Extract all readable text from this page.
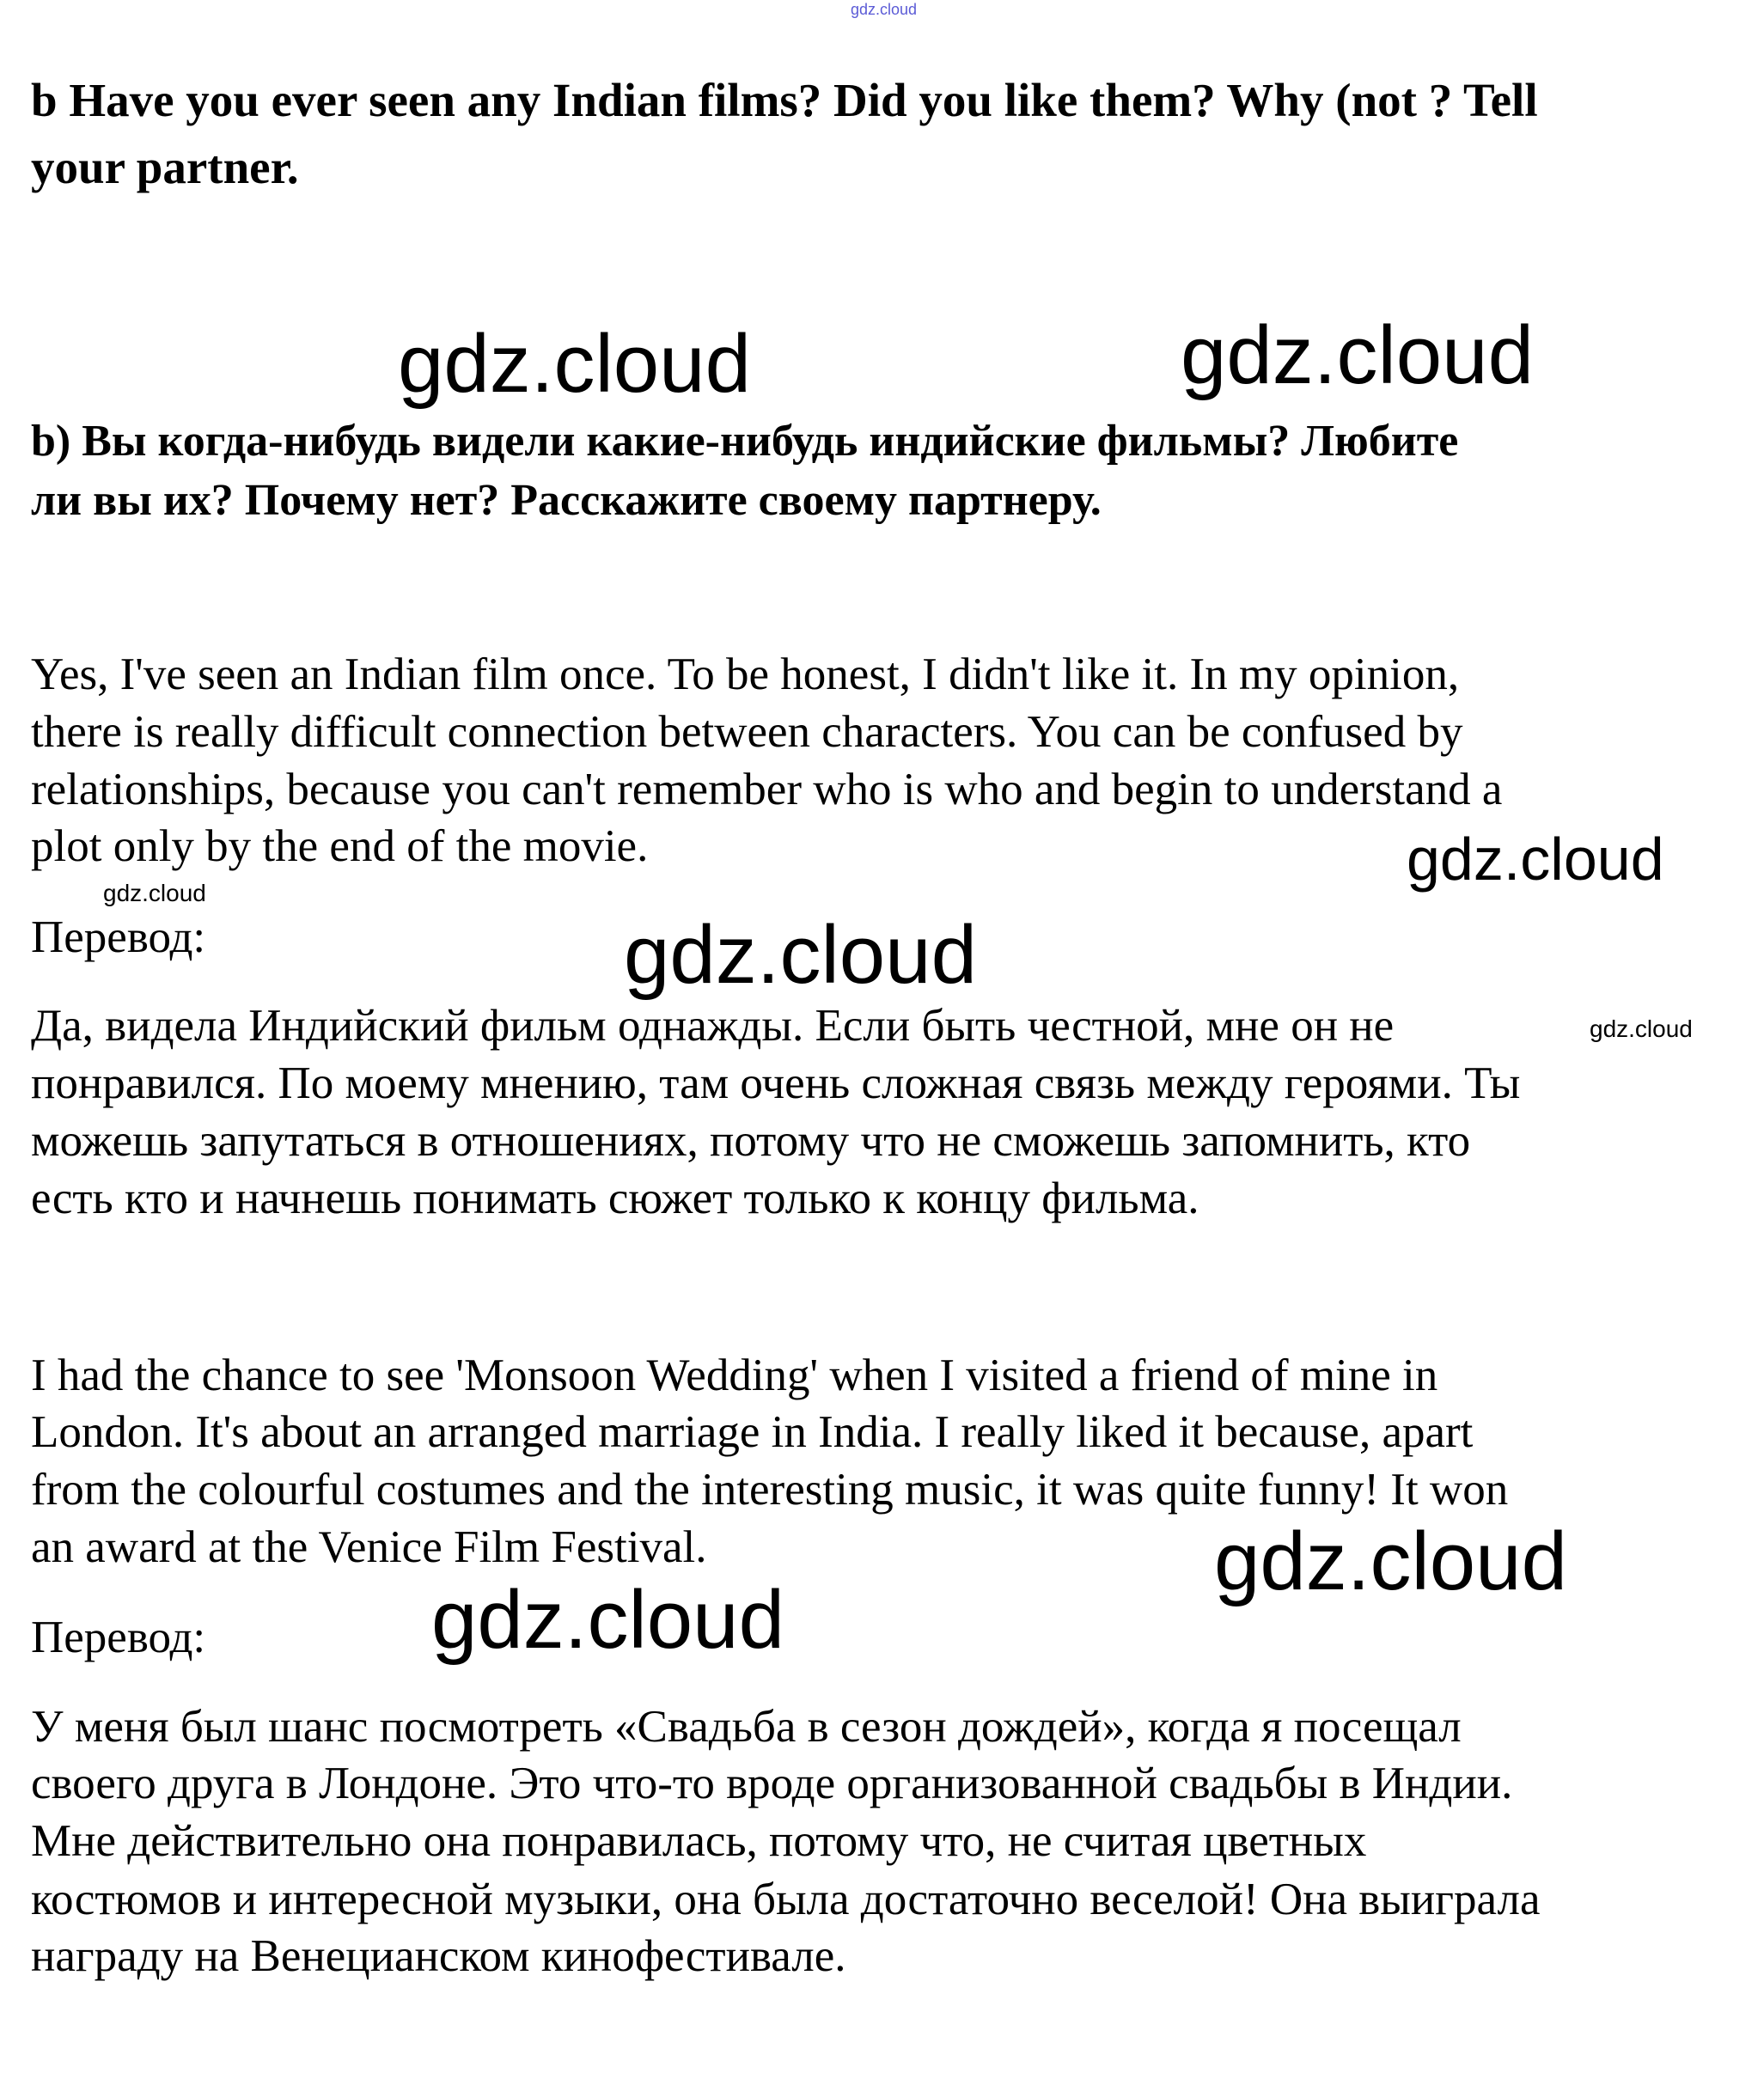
gdz.cloud
b Have you ever seen any Indian films? Did you like them? Why (not ? Tell
your partner.
gdz.cloud	gdz.cloud
b) Вы когда-нибудь видели какие-нибудь индийские фильмы? Любите
ли вы их? Почему нет? Расскажите своему партнеру.
Yes, I've seen an Indian film once. To be honest, I didn't like it. In my opinion,
there is really difficult connection between characters. You can be confused by
relationships, because you can't remember who is who and begin to understand a
plot only by the end of the movie.	gdz.cloud
gdz.cloud
Перевод:	gdz.cloud
Да, видела Индийский фильм однажды. Если быть честной, мне он не	gdz.cloud
понравился. По моему мнению, там очень сложная связь между героями. Ты
можешь запутаться в отношениях, потому что не сможешь запомнить, кто
есть кто и начнешь понимать сюжет только к концу фильма.
I had the chance to see 'Monsoon Wedding' when I visited a friend of mine in
London. It's about an arranged marriage in India. I really liked it because, apart
from the colourful costumes and the interesting music, it was quite funny! It won
an award at the Venice Film Festival.	gdz.cloud
gdz.cloud
Перевод:
У меня был шанс посмотреть «Свадьба в сезон дождей», когда я посещал
своего друга в Лондоне. Это что-то вроде организованной свадьбы в Индии.
Мне действительно она понравилась, потому что, не считая цветных
костюмов и интересной музыки, она была достаточно веселой! Она выиграла
награду на Венецианском кинофестивале.
